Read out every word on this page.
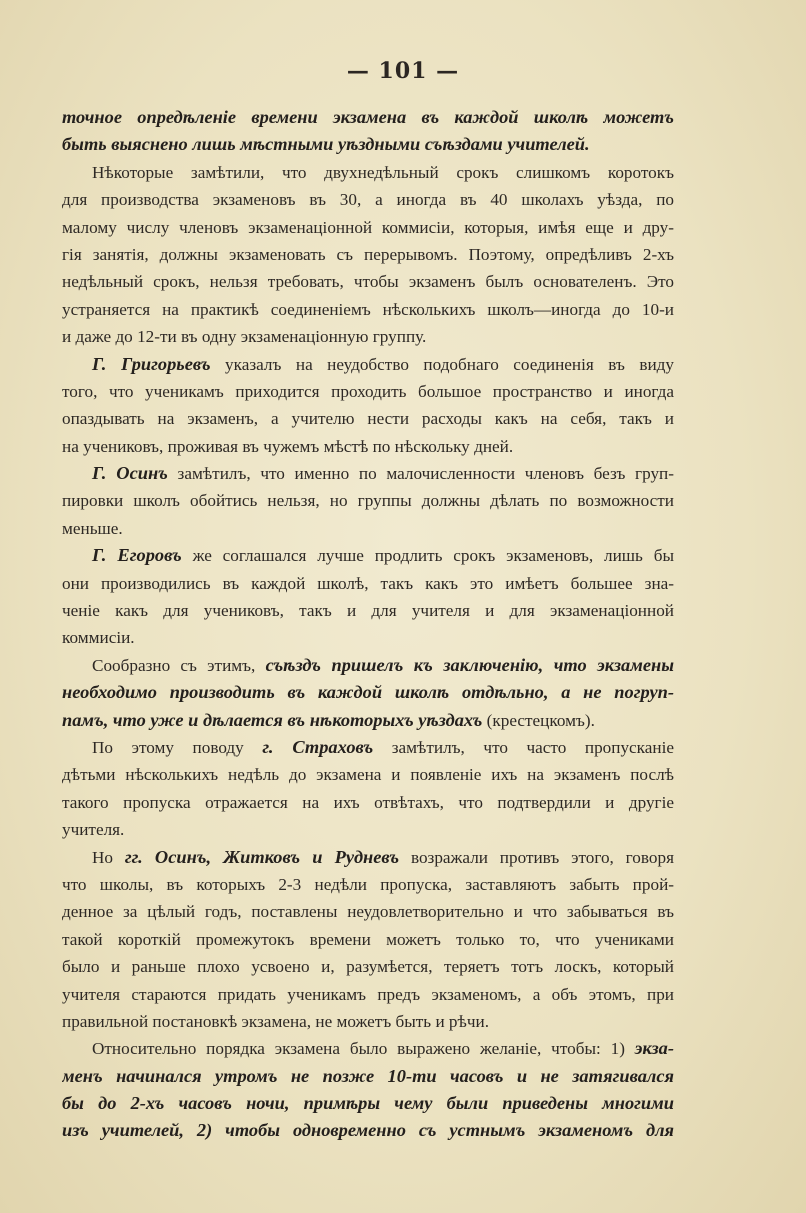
— 101 —
точное опредѣленіе времени экзамена въ каждой школѣ можетъ
быть выяснено лишь мѣстными уѣздными съѣздами учителей.
Нѣкоторые замѣтили, что двухнедѣльный срокъ слишкомъ коротокъ
для производства экзаменовъ въ 30, а иногда въ 40 школахъ уѣзда, по
малому числу членовъ экзаменаціонной коммисіи, которыя, имѣя еще и дру-
гія занятія, должны экзаменовать съ перерывомъ. Поэтому, опредѣливъ 2-хъ
недѣльный срокъ, нельзя требовать, чтобы экзаменъ былъ основателенъ. Это
устраняется на практикѣ соединеніемъ нѣсколькихъ школъ—иногда до 10-и
и даже до 12-ти въ одну экзаменаціонную группу.
Г. Григорьевъ указалъ на неудобство подобнаго соединенія въ виду
того, что ученикамъ приходится проходить большое пространство и иногда
опаздывать на экзаменъ, а учителю нести расходы какъ на себя, такъ и
на учениковъ, проживая въ чужемъ мѣстѣ по нѣскольку дней.
Г. Осинъ замѣтилъ, что именно по малочисленности членовъ безъ груп-
пировки школъ обойтись нельзя, но группы должны дѣлать по возможности
меньше.
Г. Егоровъ же соглашался лучше продлить срокъ экзаменовъ, лишь бы
они производились въ каждой школѣ, такъ какъ это имѣетъ большее зна-
ченіе какъ для учениковъ, такъ и для учителя и для экзаменаціонной
коммисіи.
Сообразно съ этимъ, съѣздъ пришелъ къ заключенію, что экзамены
необходимо производить въ каждой школѣ отдѣльно, а не погруп-
памъ, что уже и дѣлается въ нѣкоторыхъ уѣздахъ (крестецкомъ).
По этому поводу г. Страховъ замѣтилъ, что часто пропусканіе
дѣтьми нѣсколькихъ недѣль до экзамена и появленіе ихъ на экзаменъ послѣ
такого пропуска отражается на ихъ отвѣтахъ, что подтвердили и другіе
учителя.
Но гг. Осинъ, Житковъ и Рудневъ возражали противъ этого, говоря
что школы, въ которыхъ 2-3 недѣли пропуска, заставляютъ забыть прой-
денное за цѣлый годъ, поставлены неудовлетворительно и что забываться въ
такой короткій промежутокъ времени можетъ только то, что учениками
было и раньше плохо усвоено и, разумѣется, теряетъ тотъ лоскъ, который
учителя стараются придать ученикамъ предъ экзаменомъ, а объ этомъ, при
правильной постановкѣ экзамена, не можетъ быть и рѣчи.
Относительно порядка экзамена было выражено желаніе, чтобы: 1) экза-
менъ начинался утромъ не позже 10-ти часовъ и не затягивался
бы до 2-хъ часовъ ночи, примѣры чему были приведены многими
изъ учителей, 2) чтобы одновременно съ устнымъ экзаменомъ для
